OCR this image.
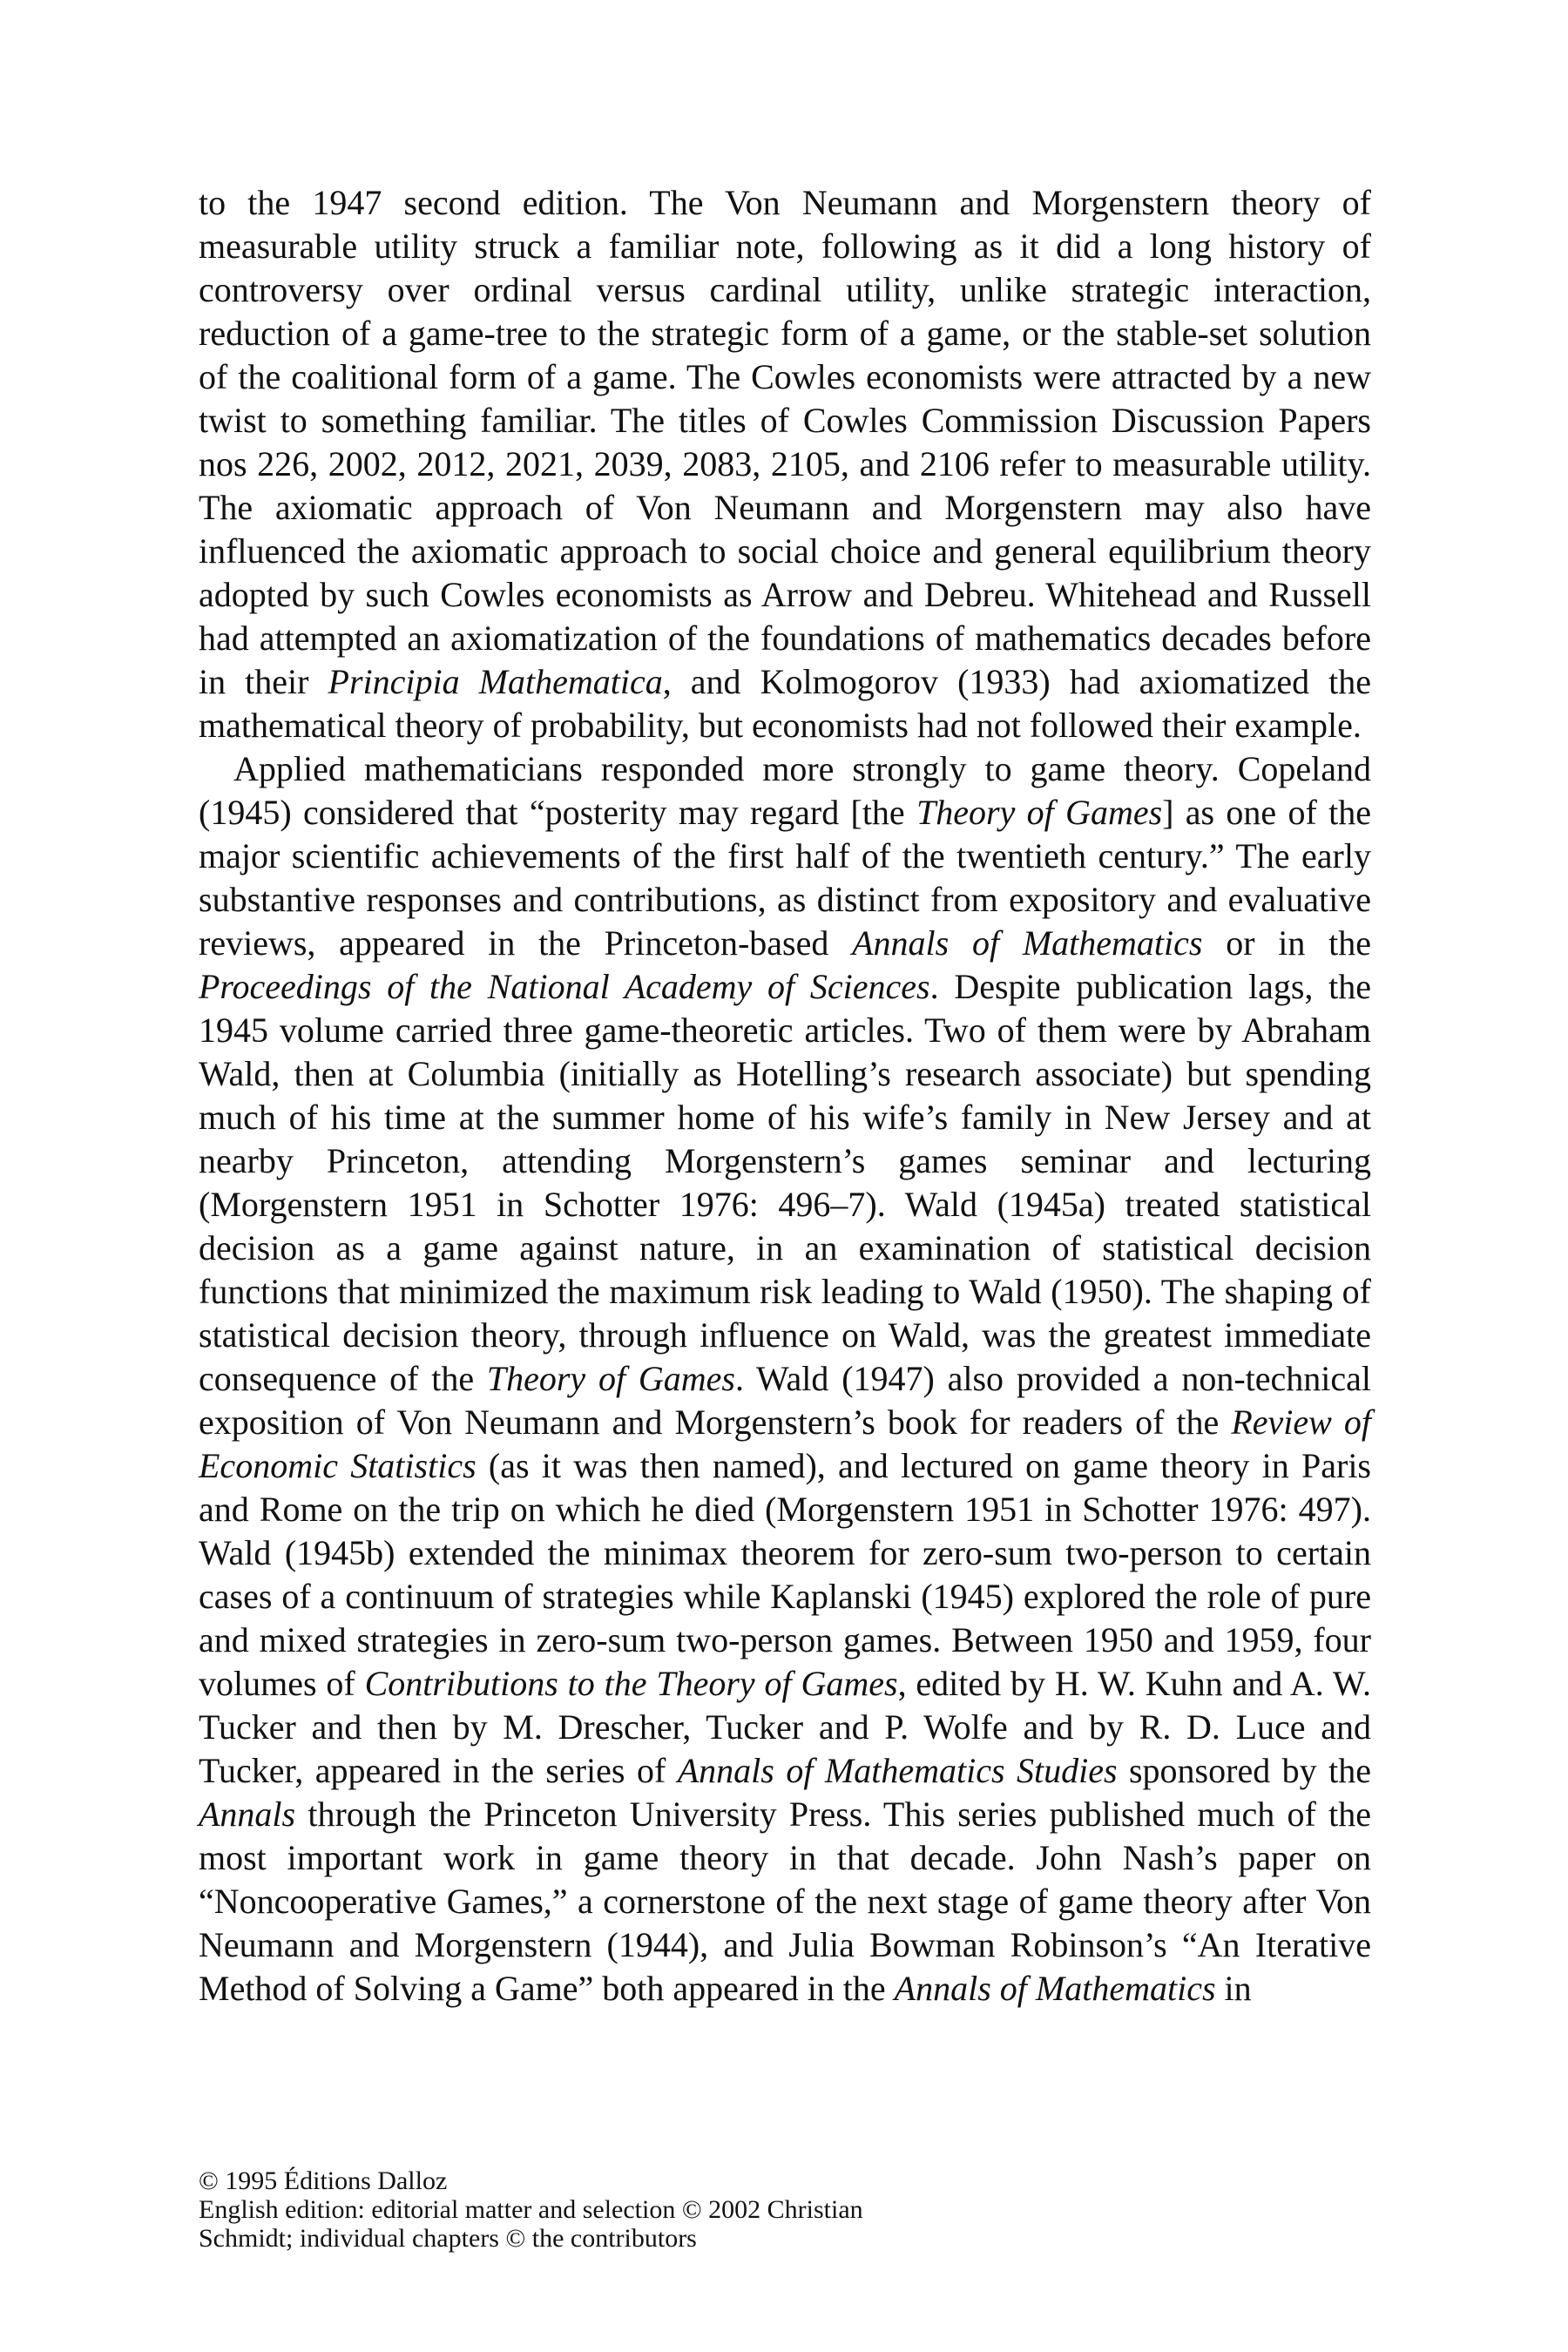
to the 1947 second edition. The Von Neumann and Morgenstern theory of measurable utility struck a familiar note, following as it did a long history of controversy over ordinal versus cardinal utility, unlike strategic interaction, reduction of a game-tree to the strategic form of a game, or the stable-set solution of the coalitional form of a game. The Cowles economists were attracted by a new twist to something familiar. The titles of Cowles Commission Discussion Papers nos 226, 2002, 2012, 2021, 2039, 2083, 2105, and 2106 refer to measurable utility. The axiomatic approach of Von Neumann and Morgenstern may also have influenced the axiomatic approach to social choice and general equilibrium theory adopted by such Cowles economists as Arrow and Debreu. Whitehead and Russell had attempted an axiomatization of the foundations of mathematics decades before in their Principia Mathematica, and Kolmogorov (1933) had axiomatized the mathematical theory of probability, but economists had not followed their example.

Applied mathematicians responded more strongly to game theory. Copeland (1945) considered that “posterity may regard [the Theory of Games] as one of the major scientific achievements of the first half of the twentieth century.” The early substantive responses and contributions, as distinct from expository and evaluative reviews, appeared in the Princeton-based Annals of Mathematics or in the Proceedings of the National Academy of Sciences. Despite publication lags, the 1945 volume carried three game-theoretic articles. Two of them were by Abraham Wald, then at Columbia (initially as Hotelling’s research associate) but spending much of his time at the summer home of his wife’s family in New Jersey and at nearby Princeton, attending Morgenstern’s games seminar and lecturing (Morgenstern 1951 in Schotter 1976: 496–7). Wald (1945a) treated statistical decision as a game against nature, in an examination of statistical decision functions that minimized the maximum risk leading to Wald (1950). The shaping of statistical decision theory, through influence on Wald, was the greatest immediate consequence of the Theory of Games. Wald (1947) also provided a non-technical exposition of Von Neumann and Morgenstern’s book for readers of the Review of Economic Statistics (as it was then named), and lectured on game theory in Paris and Rome on the trip on which he died (Morgenstern 1951 in Schotter 1976: 497). Wald (1945b) extended the minimax theorem for zero-sum two-person to certain cases of a continuum of strategies while Kaplanski (1945) explored the role of pure and mixed strategies in zero-sum two-person games. Between 1950 and 1959, four volumes of Contributions to the Theory of Games, edited by H. W. Kuhn and A. W. Tucker and then by M. Drescher, Tucker and P. Wolfe and by R. D. Luce and Tucker, appeared in the series of Annals of Mathematics Studies sponsored by the Annals through the Princeton University Press. This series published much of the most important work in game theory in that decade. John Nash’s paper on “Noncooperative Games,” a cornerstone of the next stage of game theory after Von Neumann and Morgenstern (1944), and Julia Bowman Robinson’s “An Iterative Method of Solving a Game” both appeared in the Annals of Mathematics in

© 1995 Éditions Dalloz
English edition: editorial matter and selection © 2002 Christian
Schmidt; individual chapters © the contributors
